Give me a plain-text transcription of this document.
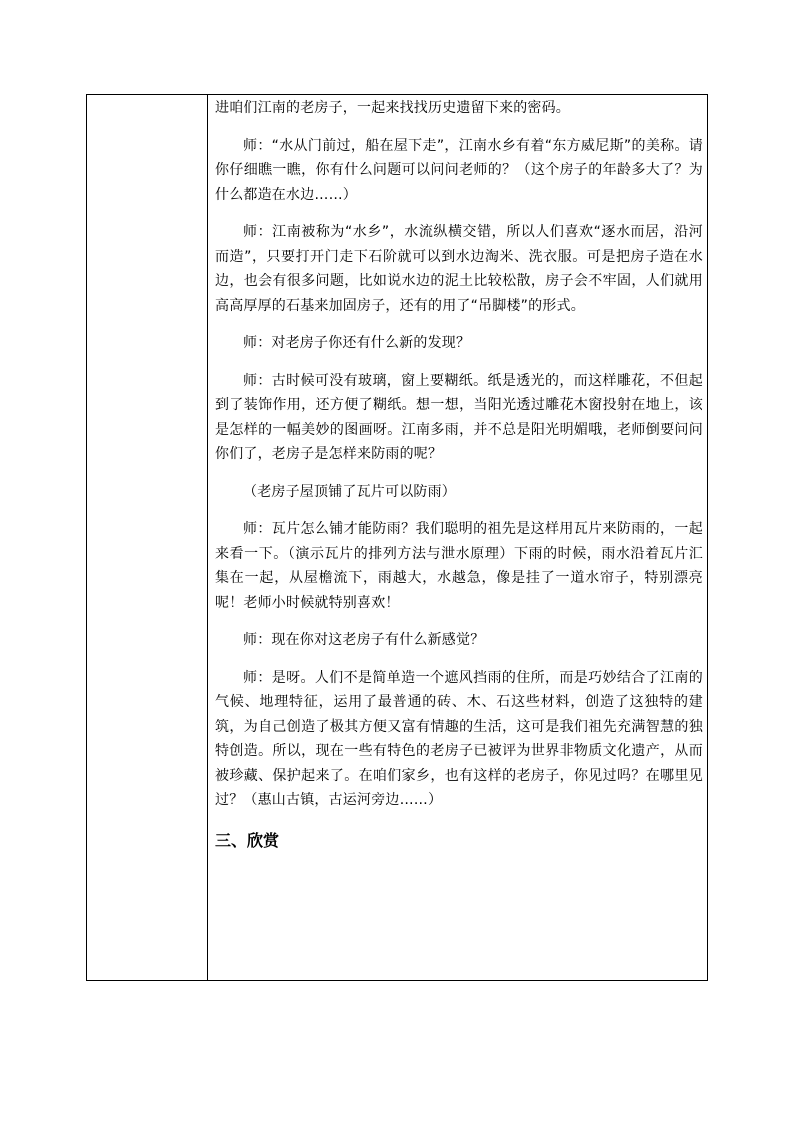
进咱们江南的老房子，一起来找找历史遗留下来的密码。

师：“水从门前过，船在屋下走”，江南水乡有着“东方威尼斯”的美称。请你仔细瞧一瞧，你有什么问题可以问问老师的？（这个房子的年龄多大了？为什么都造在水边……）

师：江南被称为“水乡”，水流纵横交错，所以人们喜欢“逐水而居，沿河而造”，只要打开门走下石阶就可以到水边淘米、洗衣服。可是把房子造在水边，也会有很多问题，比如说水边的泥土比较松散，房子会不牢固，人们就用高高厚厚的石基来加固房子，还有的用了“吊脚楼”的形式。

师：对老房子你还有什么新的发现？

师：古时候可没有玻璃，窗上要糊纸。纸是透光的，而这样雕花，不但起到了装饰作用，还方便了糊纸。想一想，当阳光透过雕花木窗投射在地上，该是怎样的一幅美妙的图画呀。江南多雨，并不总是阳光明媚哦，老师倒要问问你们了，老房子是怎样来防雨的呢？

（老房子屋顶铺了瓦片可以防雨）

师：瓦片怎么铺才能防雨？我们聪明的祖先是这样用瓦片来防雨的，一起来看一下。（演示瓦片的排列方法与泄水原理）下雨的时候，雨水沿着瓦片汇集在一起，从屋檐流下，雨越大，水越急，像是挂了一道水帘子，特别漂亮呢！老师小时候就特别喜欢！

师：现在你对这老房子有什么新感觉？

师：是呀。人们不是简单造一个遮风挡雨的住所，而是巧妙结合了江南的气候、地理特征，运用了最普通的砖、木、石这些材料，创造了这独特的建筑，为自己创造了极其方便又富有情趣的生活，这可是我们祖先充满智慧的独特创造。所以，现在一些有特色的老房子已被评为世界非物质文化遗产，从而被珍藏、保护起来了。在咱们家乡，也有这样的老房子，你见过吗？在哪里见过？（惠山古镇，古运河旁边……）

三、欣赏
